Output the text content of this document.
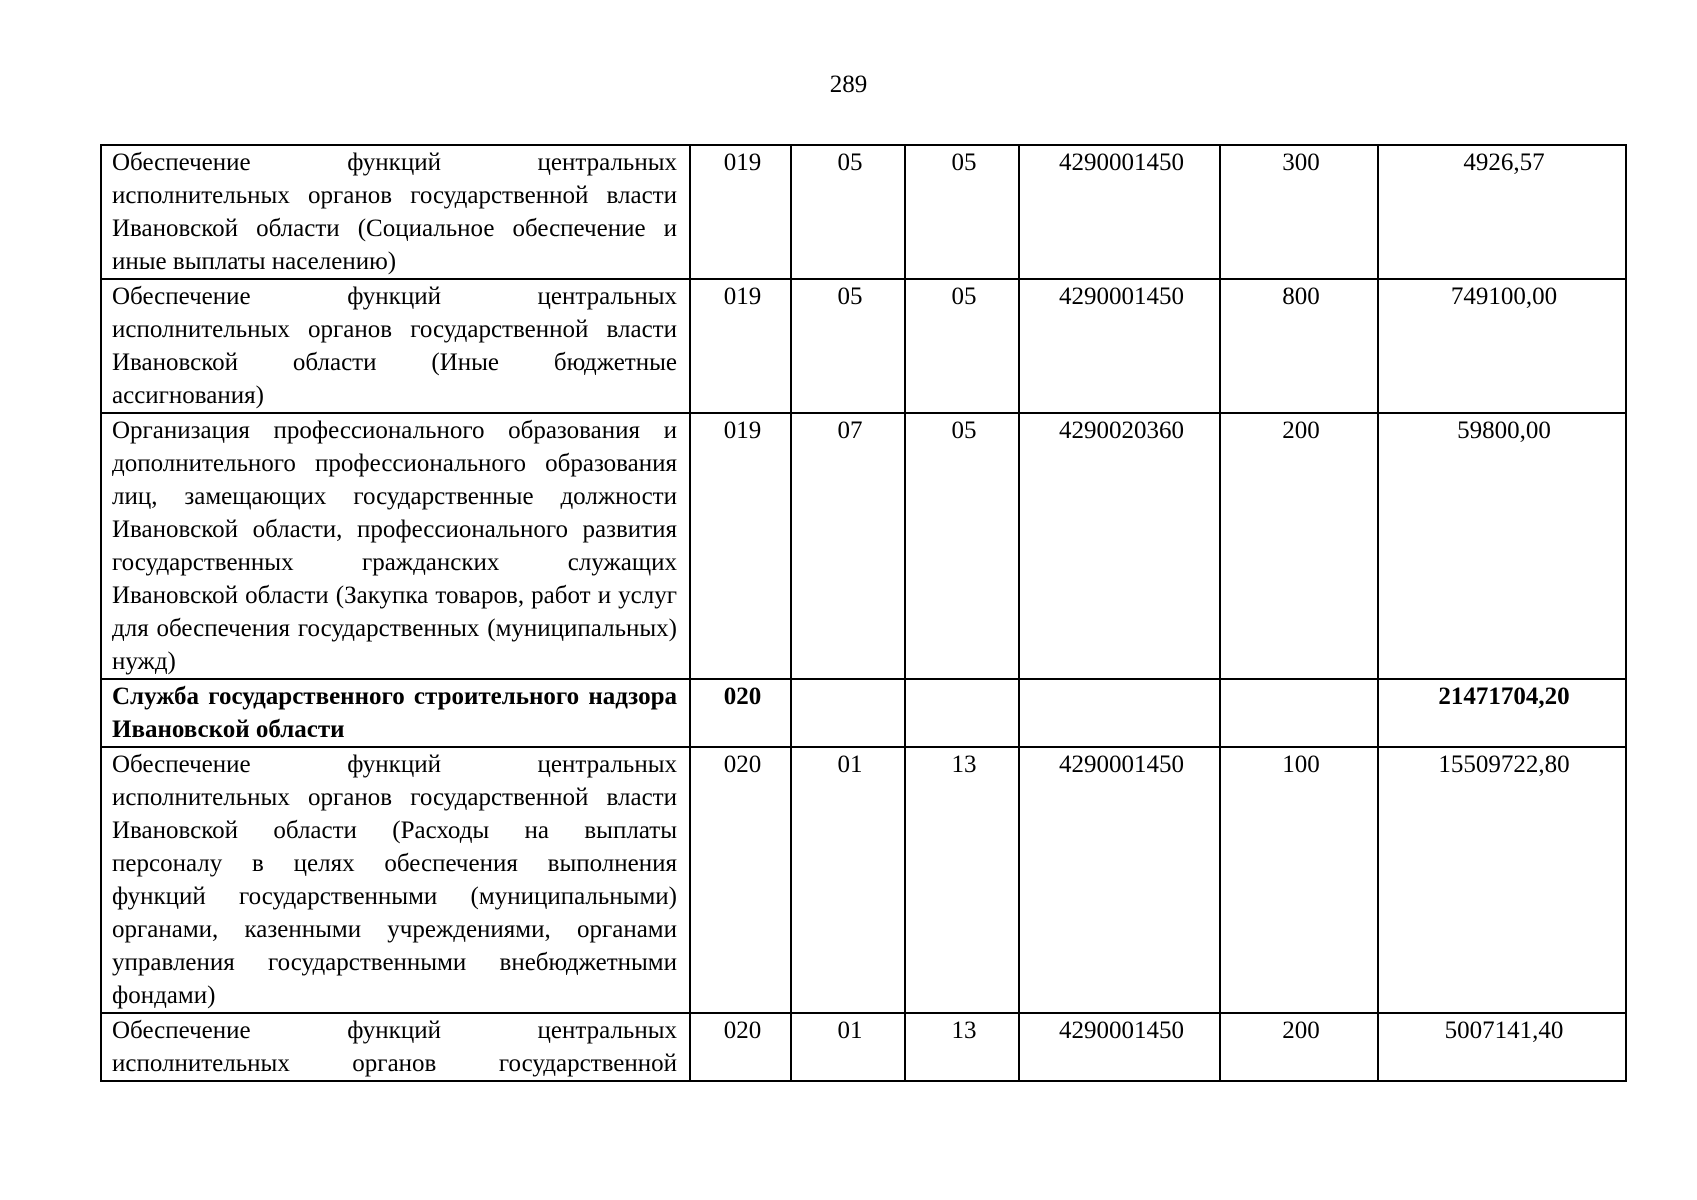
289
Обеспечение функций центральных исполнительных органов государственной власти Ивановской области (Социальное обеспечение и иные выплаты населению)	019	05	05	4290001450	300	4926,57
Обеспечение функций центральных исполнительных органов государственной власти Ивановской области (Иные бюджетные ассигнования)	019	05	05	4290001450	800	749100,00
Организация профессионального образования и дополнительного профессионального образования лиц, замещающих государственные должности Ивановской области, профессионального развития государственных гражданских служащих Ивановской области (Закупка товаров, работ и услуг для обеспечения государственных (муниципальных) нужд)	019	07	05	4290020360	200	59800,00
Служба государственного строительного надзора Ивановской области	020					21471704,20
Обеспечение функций центральных исполнительных органов государственной власти Ивановской области (Расходы на выплаты персоналу в целях обеспечения выполнения функций государственными (муниципальными) органами, казенными учреждениями, органами управления государственными внебюджетными фондами)	020	01	13	4290001450	100	15509722,80
Обеспечение функций центральных исполнительных органов государственной	020	01	13	4290001450	200	5007141,40
